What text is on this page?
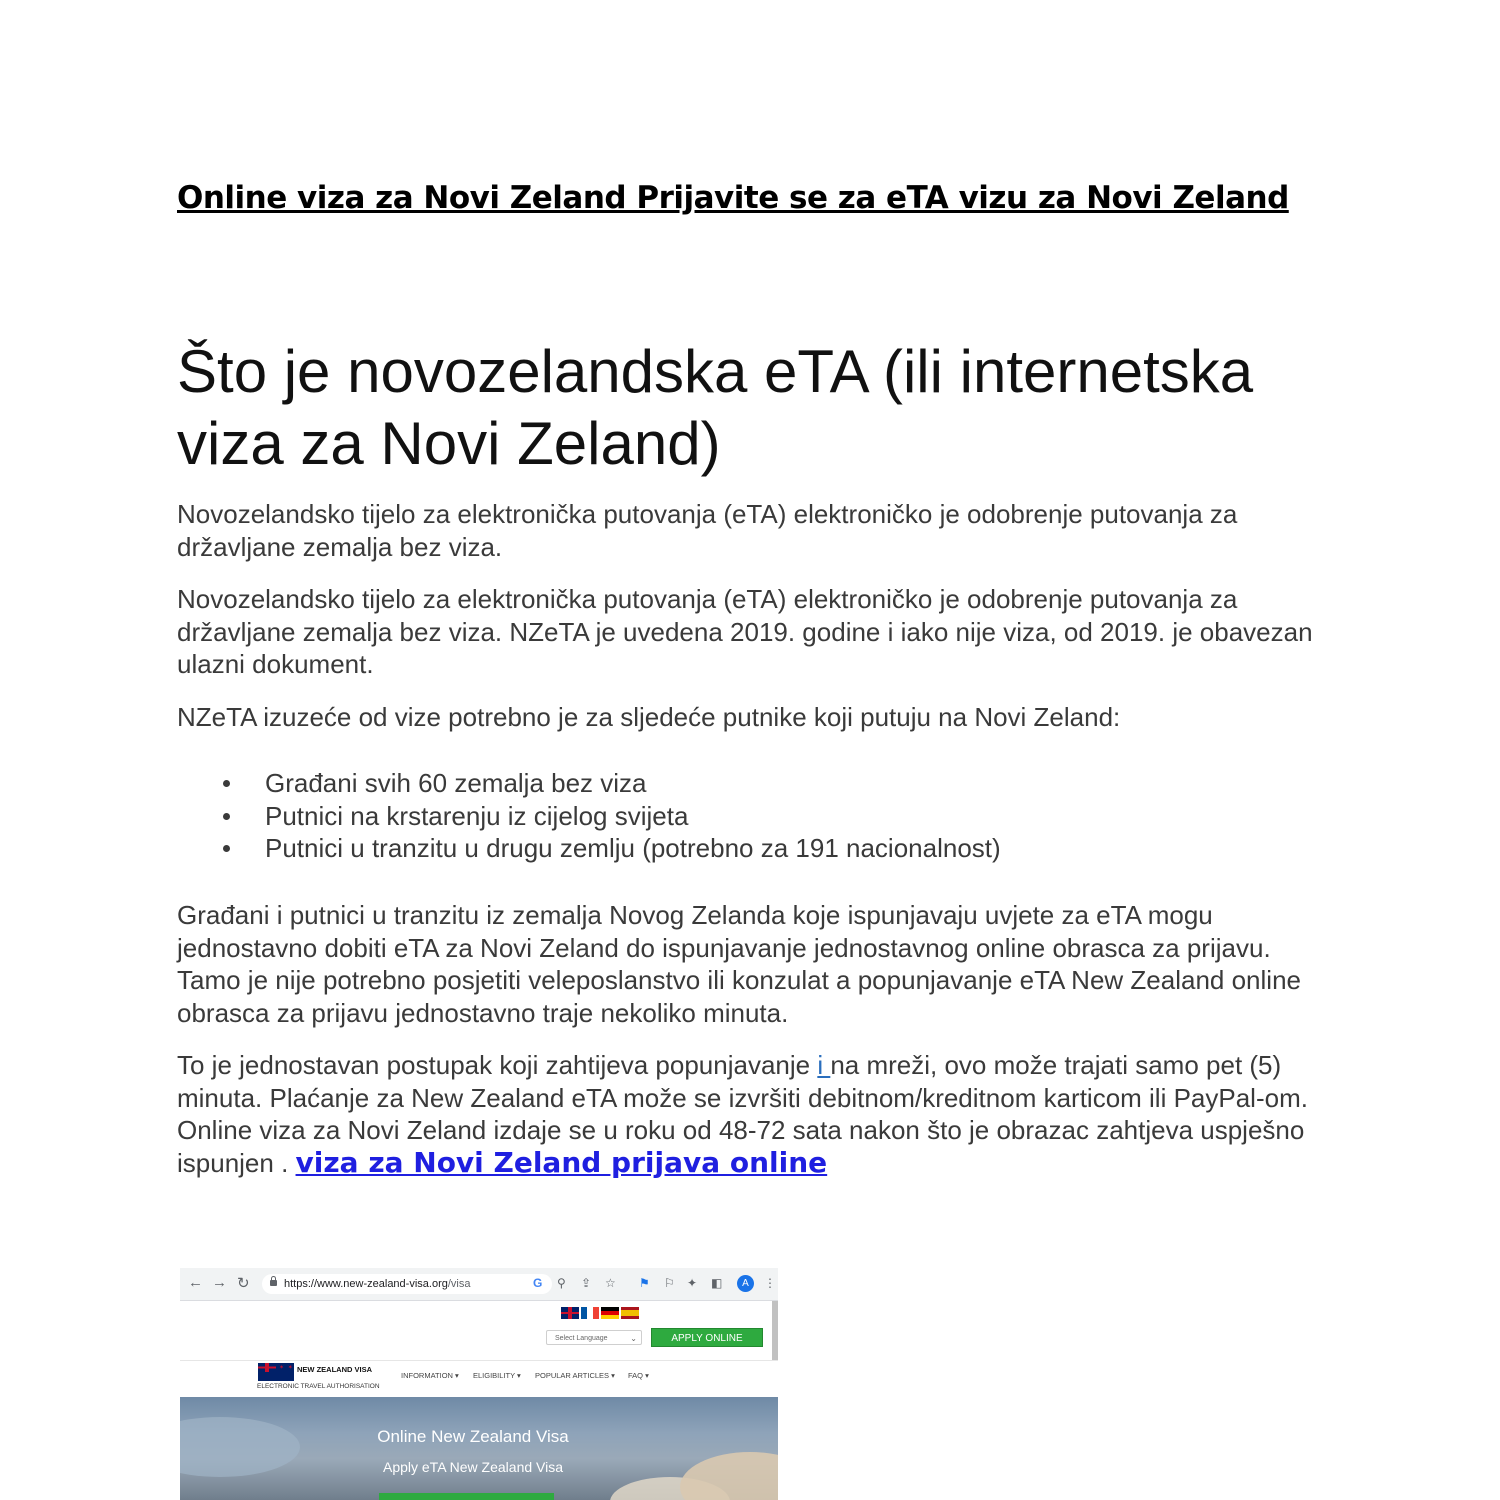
Online viza za Novi Zeland Prijavite se za eTA vizu za Novi Zeland
Što je novozelandska eTA (ili internetska viza za Novi Zeland)

Novozelandsko tijelo za elektronička putovanja (eTA) elektroničko je odobrenje putovanja za državljane zemalja bez viza.

Novozelandsko tijelo za elektronička putovanja (eTA) elektroničko je odobrenje putovanja za državljane zemalja bez viza. NZeTA je uvedena 2019. godine i iako nije viza, od 2019. je obavezan ulazni dokument.

NZeTA izuzeće od vize potrebno je za sljedeće putnike koji putuju na Novi Zeland:

Građani svih 60 zemalja bez viza
Putnici na krstarenju iz cijelog svijeta
Putnici u tranzitu u drugu zemlju (potrebno za 191 nacionalnost)

Građani i putnici u tranzitu iz zemalja Novog Zelanda koje ispunjavaju uvjete za eTA mogu jednostavno dobiti eTA za Novi Zeland do ispunjavanje jednostavnog online obrasca za prijavu. Tamo je nije potrebno posjetiti veleposlanstvo ili konzulat a popunjavanje eTA New Zealand online obrasca za prijavu jednostavno traje nekoliko minuta.

To je jednostavan postupak koji zahtijeva popunjavanje i na mreži, ovo može trajati samo pet (5) minuta. Plaćanje za New Zealand eTA može se izvršiti debitnom/kreditnom karticom ili PayPal-om. Online viza za Novi Zeland izdaje se u roku od 48-72 sata nakon što je obrazac zahtjeva uspješno ispunjen . viza za Novi Zeland prijava online

← → ↻	https://www.new-zealand-visa.org/visa	G ⚲ ⇪ ☆ ⚑ ⚐ ✦ ◧	A	⋮
Select Language	⌄	APPLY ONLINE
✶ ✶
NEW ZEALAND VISA
ELECTRONIC TRAVEL AUTHORISATION
INFORMATION ▾ ELIGIBILITY ▾ POPULAR ARTICLES ▾ FAQ ▾
Online New Zealand Visa
Apply eTA New Zealand Visa
